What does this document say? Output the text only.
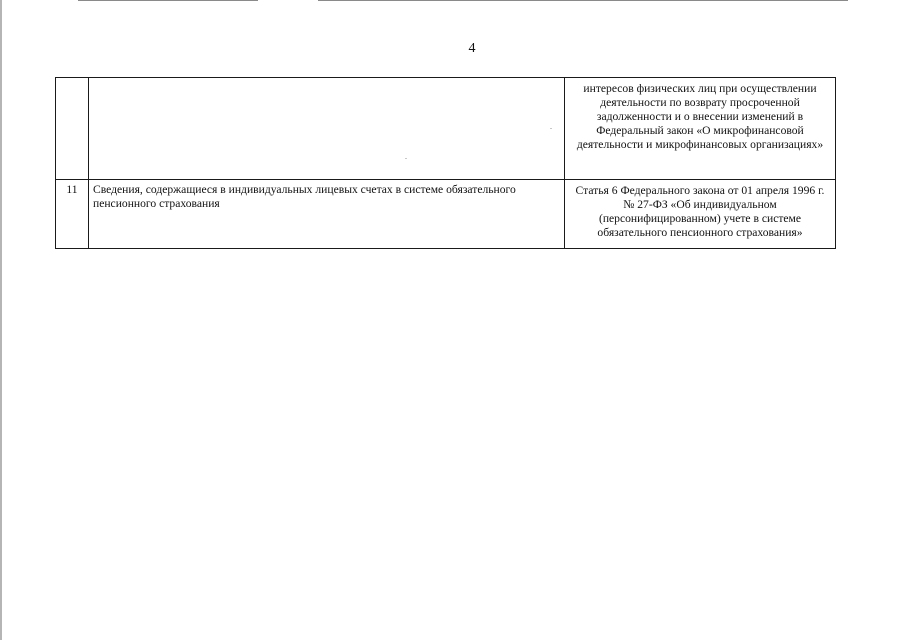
4

		интересов физических лиц при осуществлении деятельности по возврату просроченной задолженности и о внесении изменений в Федеральный закон «О микрофинансовой деятельности и микрофинансовых организациях»

11	Сведения, содержащиеся в индивидуальных лицевых счетах в системе обязательного пенсионного страхования	Статья 6 Федерального закона от 01 апреля 1996 г. № 27-ФЗ «Об индивидуальном (персонифицированном) учете в системе обязательного пенсионного страхования»
